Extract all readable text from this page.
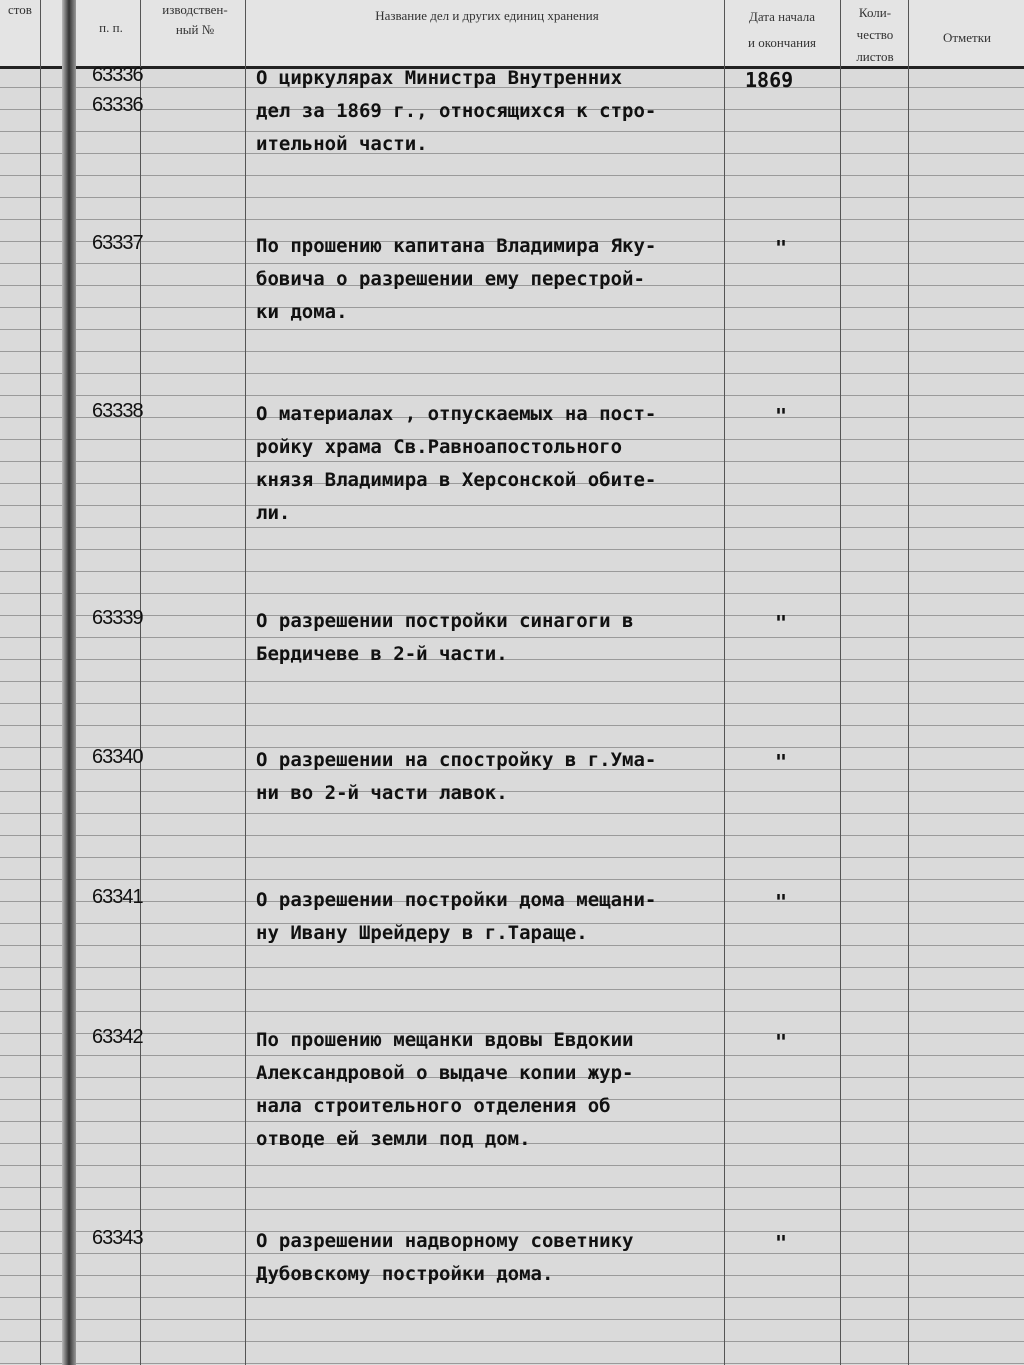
стов
п. п.
изводствен-
ный №
Название дел и других единиц хранения	Дата начала
и окончания
Коли-
чество
листов
Отметки
63336
63336
О циркулярах Министра Внутренних
дел за 1869 г., относящихся к стро-
ительной части.
1869
63337	По прошению капитана Владимира Яку-
бовича о разрешении ему перестрой-
ки дома.
"
63338	О материалах , отпускаемых на пост-
ройку храма Св.Равноапостольного
князя Владимира в Херсонской обите-
ли.
"
63339	О разрешении постройки синагоги в
Бердичеве в 2-й части.
"
63340	О разрешении на спостройку в г.Ума-
ни во 2-й части лавок.
"
63341	О разрешении постройки дома мещани-
ну Ивану Шрейдеру в г.Тараще.
"
63342	По прошению мещанки вдовы Евдокии
Александровой о выдаче копии жур-
нала строительного отделения об
отводе ей земли под дом.
"
63343	О разрешении надворному советнику
Дубовскому постройки дома.
"
